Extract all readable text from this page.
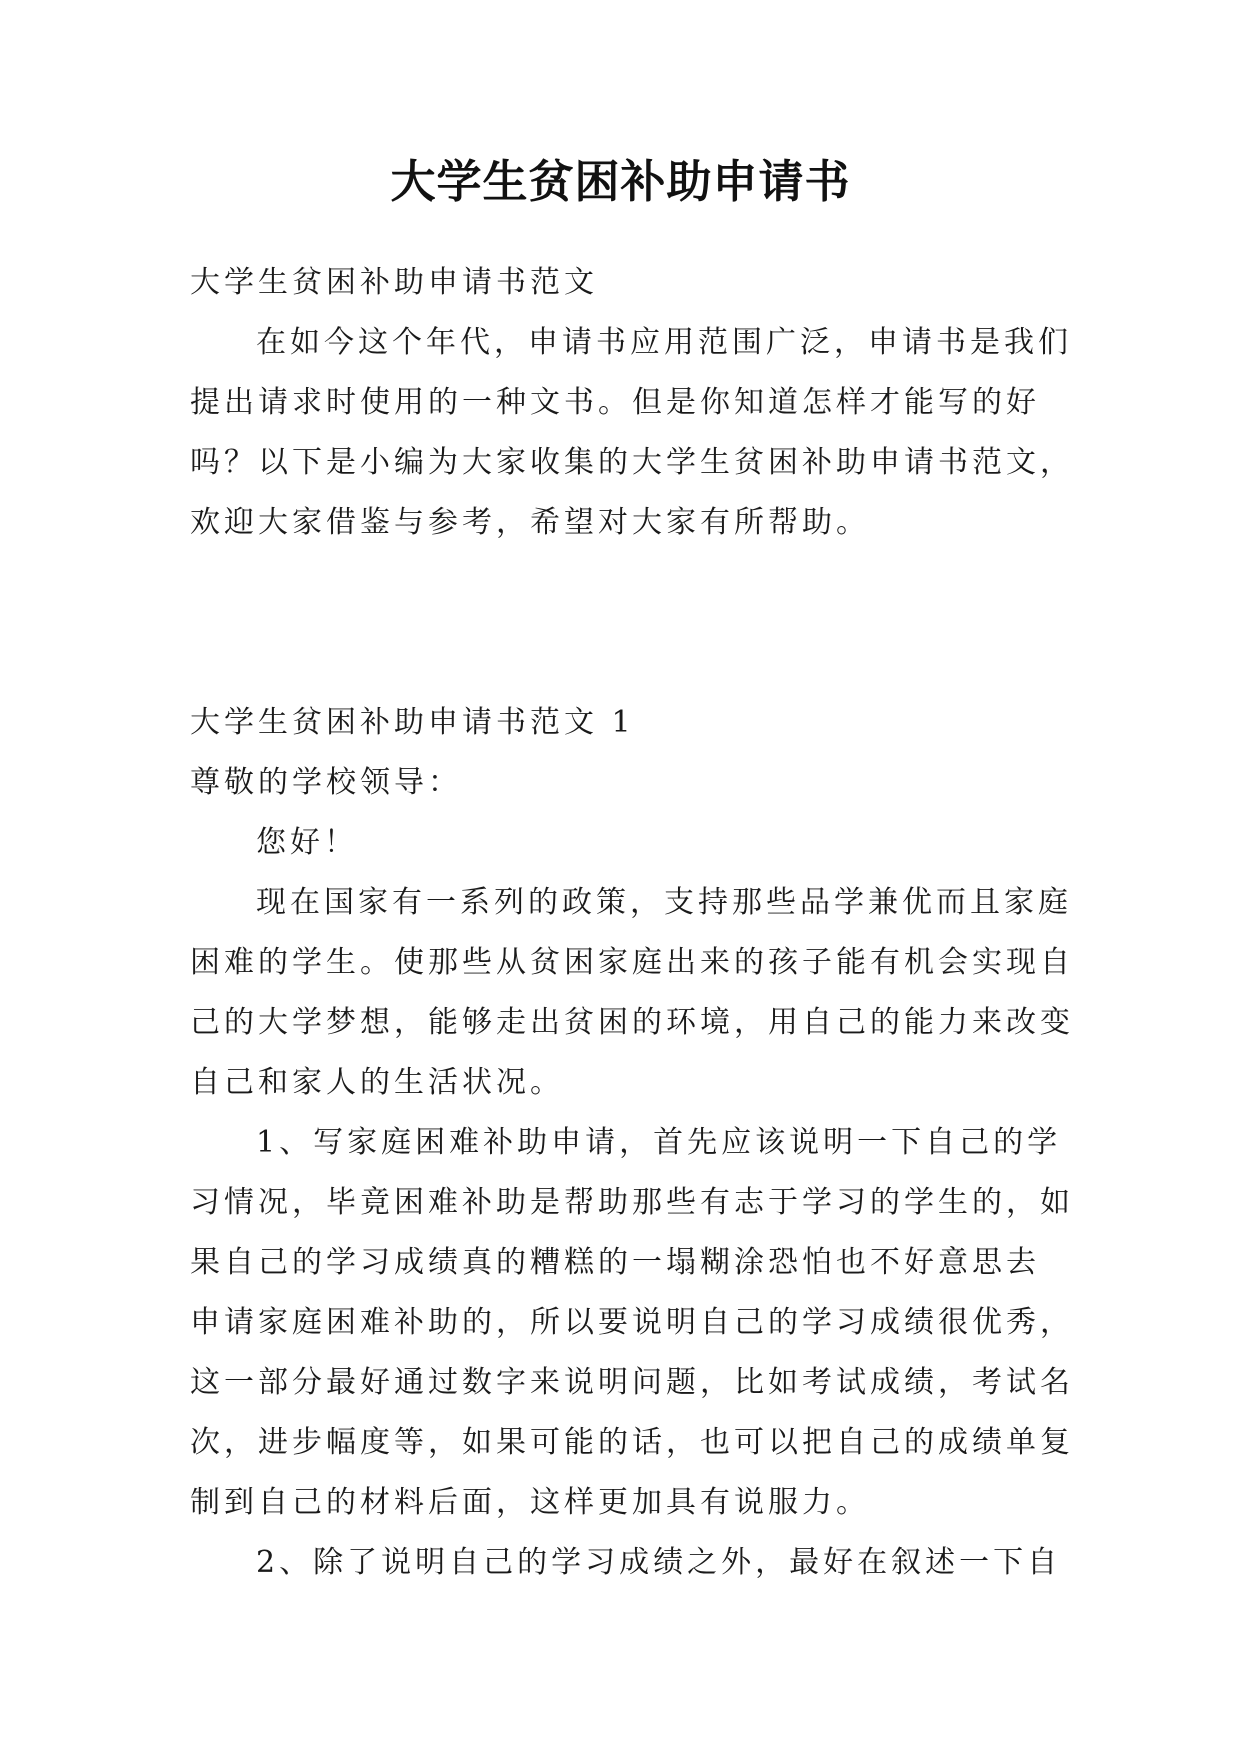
大学生贫困补助申请书
大学生贫困补助申请书范文
在如今这个年代，申请书应用范围广泛，申请书是我们
提出请求时使用的一种文书。但是你知道怎样才能写的好
吗？以下是小编为大家收集的大学生贫困补助申请书范文，
欢迎大家借鉴与参考，希望对大家有所帮助。
大学生贫困补助申请书范文 1
尊敬的学校领导：
您好！
现在国家有一系列的政策，支持那些品学兼优而且家庭
困难的学生。使那些从贫困家庭出来的孩子能有机会实现自
己的大学梦想，能够走出贫困的环境，用自己的能力来改变
自己和家人的生活状况。
1、写家庭困难补助申请，首先应该说明一下自己的学
习情况，毕竟困难补助是帮助那些有志于学习的学生的，如
果自己的学习成绩真的糟糕的一塌糊涂恐怕也不好意思去
申请家庭困难补助的，所以要说明自己的学习成绩很优秀，
这一部分最好通过数字来说明问题，比如考试成绩，考试名
次，进步幅度等，如果可能的话，也可以把自己的成绩单复
制到自己的材料后面，这样更加具有说服力。
2、除了说明自己的学习成绩之外，最好在叙述一下自
